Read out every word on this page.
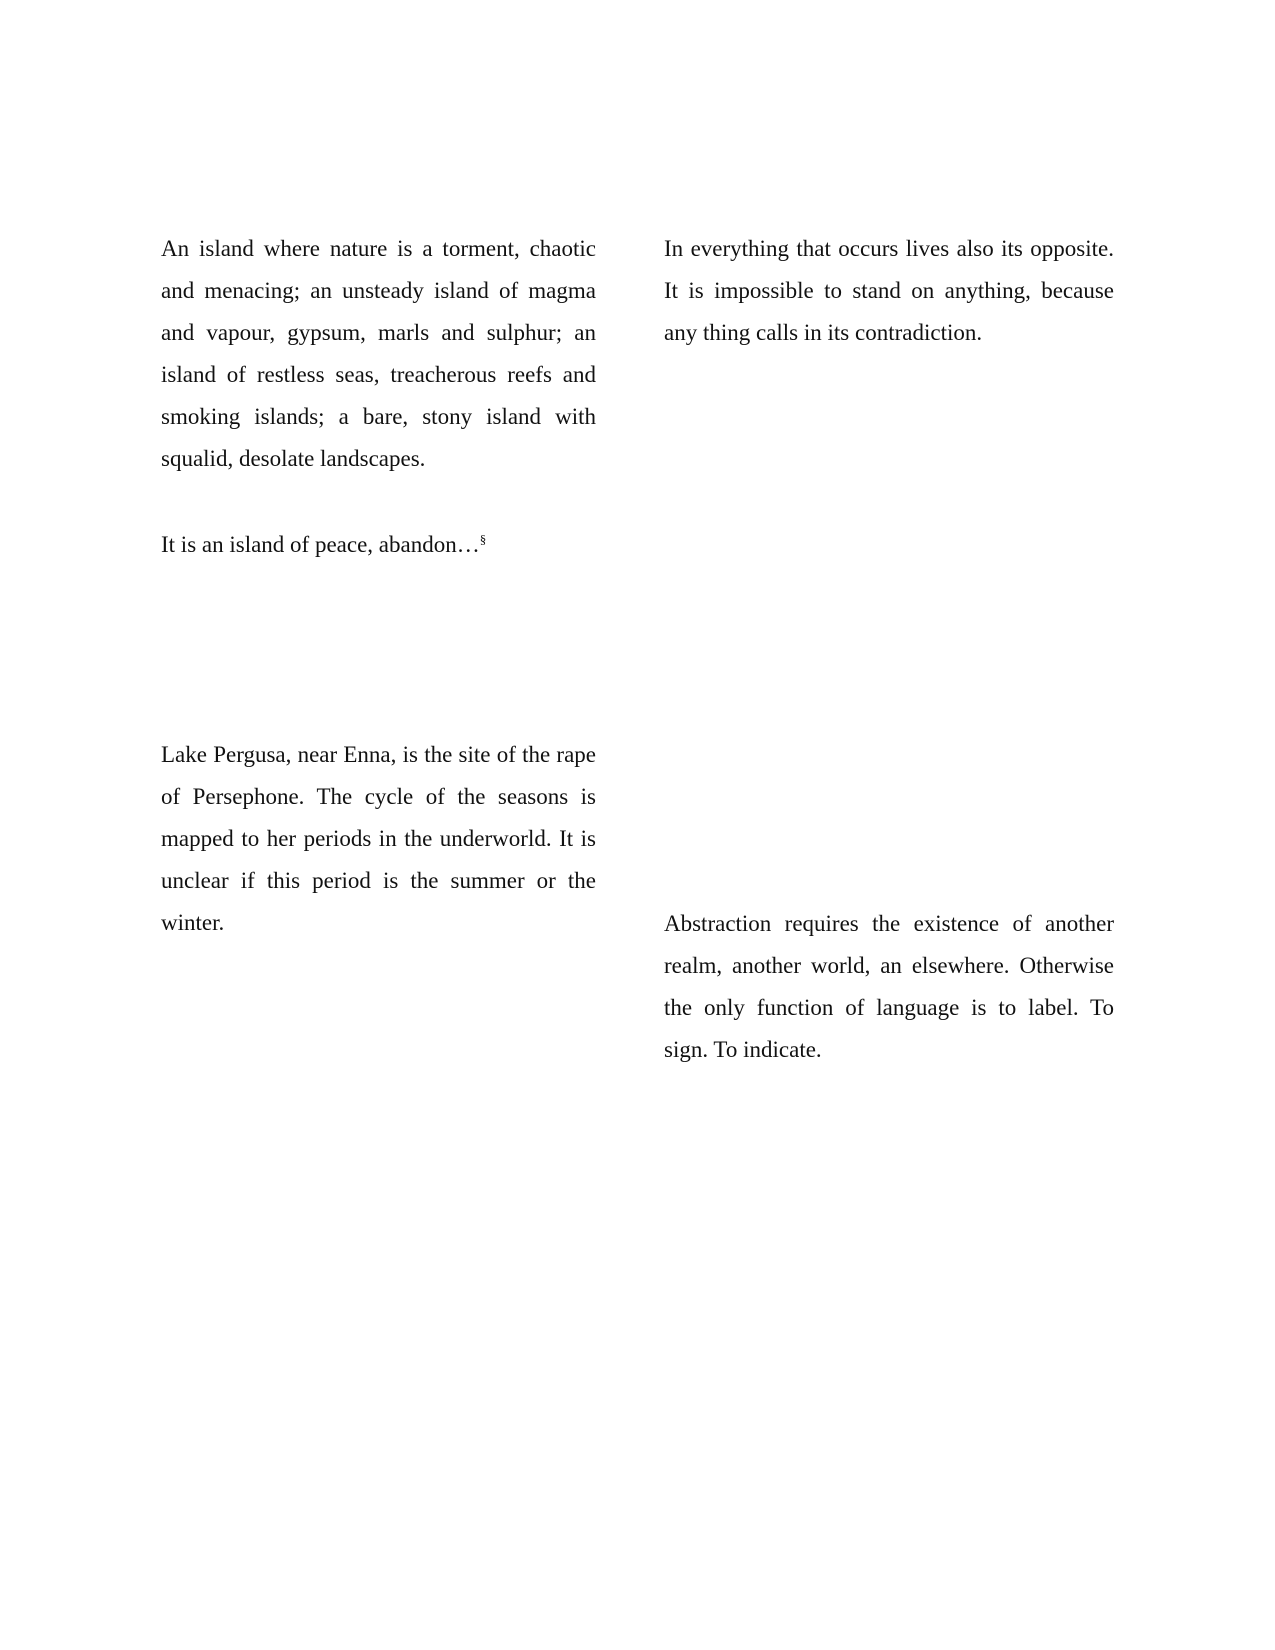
An island where nature is a torment, chaotic and menacing; an unsteady island of magma and vapour, gypsum, marls and sulphur; an island of restless seas, treacherous reefs and smoking islands; a bare, stony island with squalid, desolate landscapes.

It is an island of peace, abandon…§

Lake Pergusa, near Enna, is the site of the rape of Persephone. The cycle of the seasons is mapped to her periods in the underworld. It is unclear if this period is the summer or the winter.

In everything that occurs lives also its opposite. It is impossible to stand on anything, because any thing calls in its contradiction.

Abstraction requires the existence of another realm, another world, an elsewhere. Otherwise the only function of language is to label. To sign. To indicate.
